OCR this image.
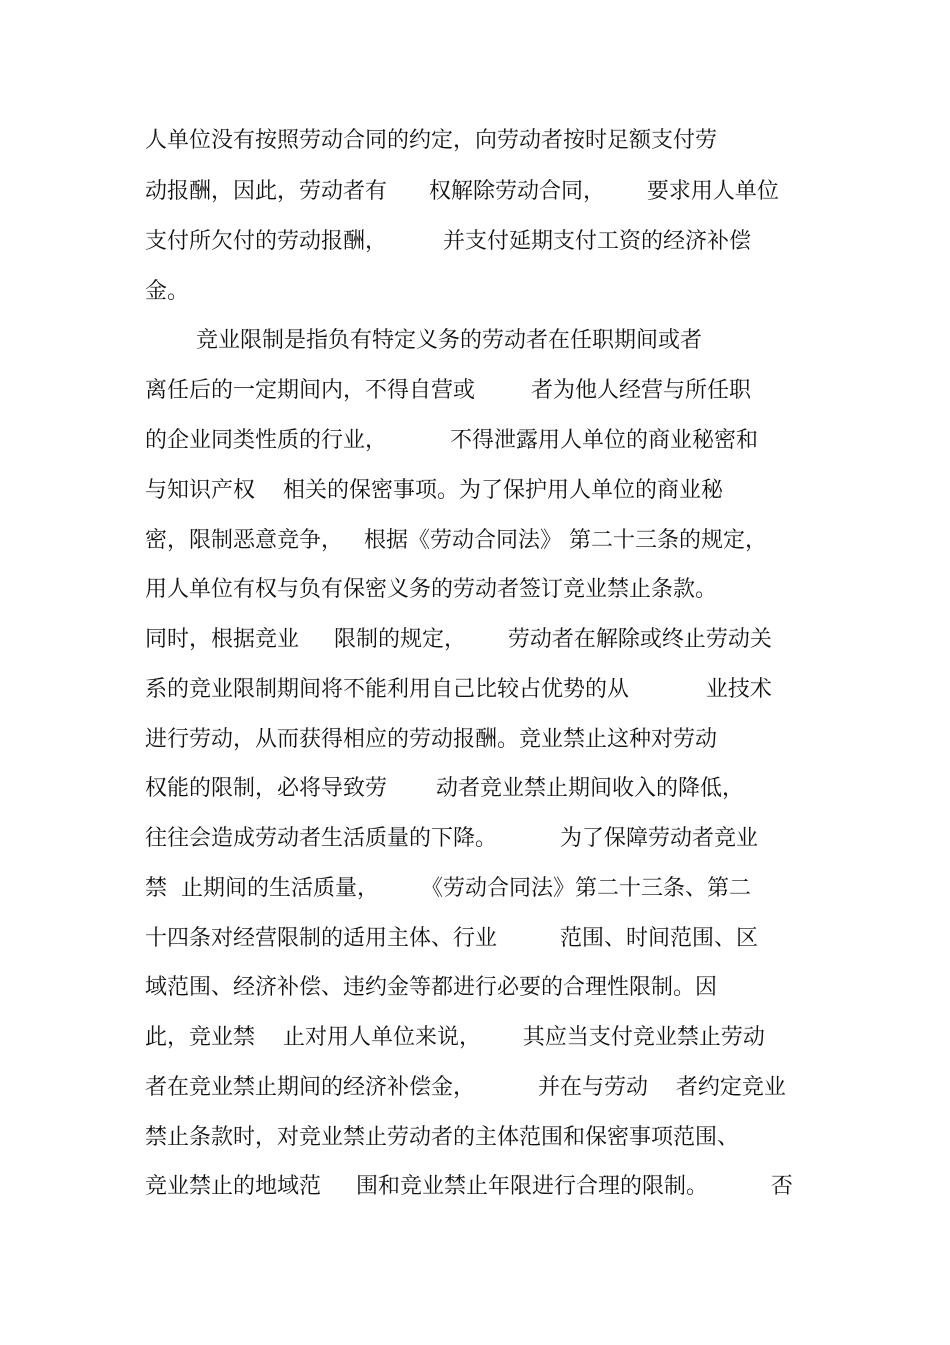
人单位没有按照劳动合同的约定，向劳动者按时足额支付劳
动报酬，因此，劳动者有      权解除劳动合同，      要求用人单位
支付所欠付的劳动报酬，        并支付延期支付工资的经济补偿
金。
竞业限制是指负有特定义务的劳动者在任职期间或者
离任后的一定期间内，不得自营或        者为他人经营与所任职
的企业同类性质的行业，         不得泄露用人单位的商业秘密和
与知识产权    相关的保密事项。为了保护用人单位的商业秘
密，限制恶意竞争，   根据《劳动合同法》 第二十三条的规定，
用人单位有权与负有保密义务的劳动者签订竞业禁止条款。
同时，根据竞业     限制的规定，      劳动者在解除或终止劳动关
系的竞业限制期间将不能利用自己比较占优势的从           业技术
进行劳动，从而获得相应的劳动报酬。竞业禁止这种对劳动
权能的限制，必将导致劳       动者竞业禁止期间收入的降低，
往往会造成劳动者生活质量的下降。         为了保障劳动者竞业
禁  止期间的生活质量，      《劳动合同法》第二十三条、第二
十四条对经营限制的适用主体、行业         范围、时间范围、区
域范围、经济补偿、违约金等都进行必要的合理性限制。因
此，竞业禁    止对用人单位来说，      其应当支付竞业禁止劳动
者在竞业禁止期间的经济补偿金，         并在与劳动    者约定竞业
禁止条款时，对竞业禁止劳动者的主体范围和保密事项范围、
竞业禁止的地域范     围和竞业禁止年限进行合理的限制。         否
